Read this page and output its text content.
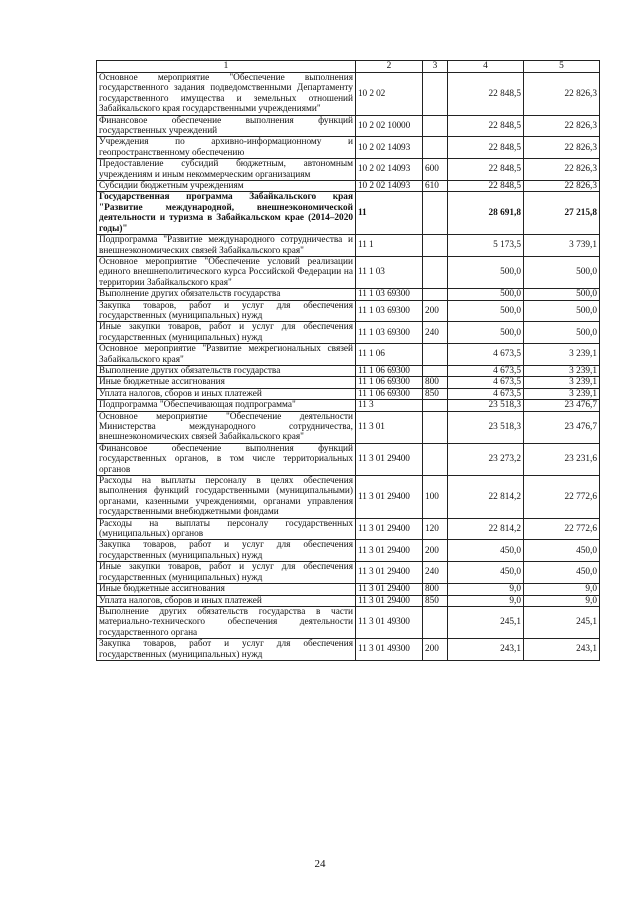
1	2	3	4	5
Основное мероприятие "Обеспечение выполнения государственного задания подведомственными Департаменту государственного имущества и земельных отношений Забайкальского края государственными учреждениями"	10 2 02		22 848,5	22 826,3
Финансовое обеспечение выполнения функций государственных учреждений	10 2 02 10000		22 848,5	22 826,3
Учреждения по архивно-информационному и геопространственному обеспечению	10 2 02 14093		22 848,5	22 826,3
Предоставление субсидий бюджетным, автономным учреждениям и иным некоммерческим организациям	10 2 02 14093	600	22 848,5	22 826,3
Субсидии бюджетным учреждениям	10 2 02 14093	610	22 848,5	22 826,3
Государственная программа Забайкальского края "Развитие международной, внешнеэкономической деятельности и туризма в Забайкальском крае (2014–2020 годы)"	11		28 691,8	27 215,8
Подпрограмма "Развитие международного сотрудничества и внешнеэкономических связей Забайкальского края"	11 1		5 173,5	3 739,1
Основное мероприятие "Обеспечение условий реализации единого внешнеполитического курса Российской Федерации на территории Забайкальского края"	11 1 03		500,0	500,0
Выполнение других обязательств государства	11 1 03 69300		500,0	500,0
Закупка товаров, работ и услуг для обеспечения государственных (муниципальных) нужд	11 1 03 69300	200	500,0	500,0
Иные закупки товаров, работ и услуг для обеспечения государственных (муниципальных) нужд	11 1 03 69300	240	500,0	500,0
Основное мероприятие "Развитие межрегиональных связей Забайкальского края"	11 1 06		4 673,5	3 239,1
Выполнение других обязательств государства	11 1 06 69300		4 673,5	3 239,1
Иные бюджетные ассигнования	11 1 06 69300	800	4 673,5	3 239,1
Уплата налогов, сборов и иных платежей	11 1 06 69300	850	4 673,5	3 239,1
Подпрограмма "Обеспечивающая подпрограмма"	11 3		23 518,3	23 476,7
Основное мероприятие "Обеспечение деятельности Министерства международного сотрудничества, внешнеэкономических связей Забайкальского края"	11 3 01		23 518,3	23 476,7
Финансовое обеспечение выполнения функций государственных органов, в том числе территориальных органов	11 3 01 29400		23 273,2	23 231,6
Расходы на выплаты персоналу в целях обеспечения выполнения функций государственными (муниципальными) органами, казенными учреждениями, органами управления государственными внебюджетными фондами	11 3 01 29400	100	22 814,2	22 772,6
Расходы на выплаты персоналу государственных (муниципальных) органов	11 3 01 29400	120	22 814,2	22 772,6
Закупка товаров, работ и услуг для обеспечения государственных (муниципальных) нужд	11 3 01 29400	200	450,0	450,0
Иные закупки товаров, работ и услуг для обеспечения государственных (муниципальных) нужд	11 3 01 29400	240	450,0	450,0
Иные бюджетные ассигнования	11 3 01 29400	800	9,0	9,0
Уплата налогов, сборов и иных платежей	11 3 01 29400	850	9,0	9,0
Выполнение других обязательств государства в части материально-технического обеспечения деятельности государственного органа	11 3 01 49300		245,1	245,1
Закупка товаров, работ и услуг для обеспечения государственных (муниципальных) нужд	11 3 01 49300	200	243,1	243,1
24
